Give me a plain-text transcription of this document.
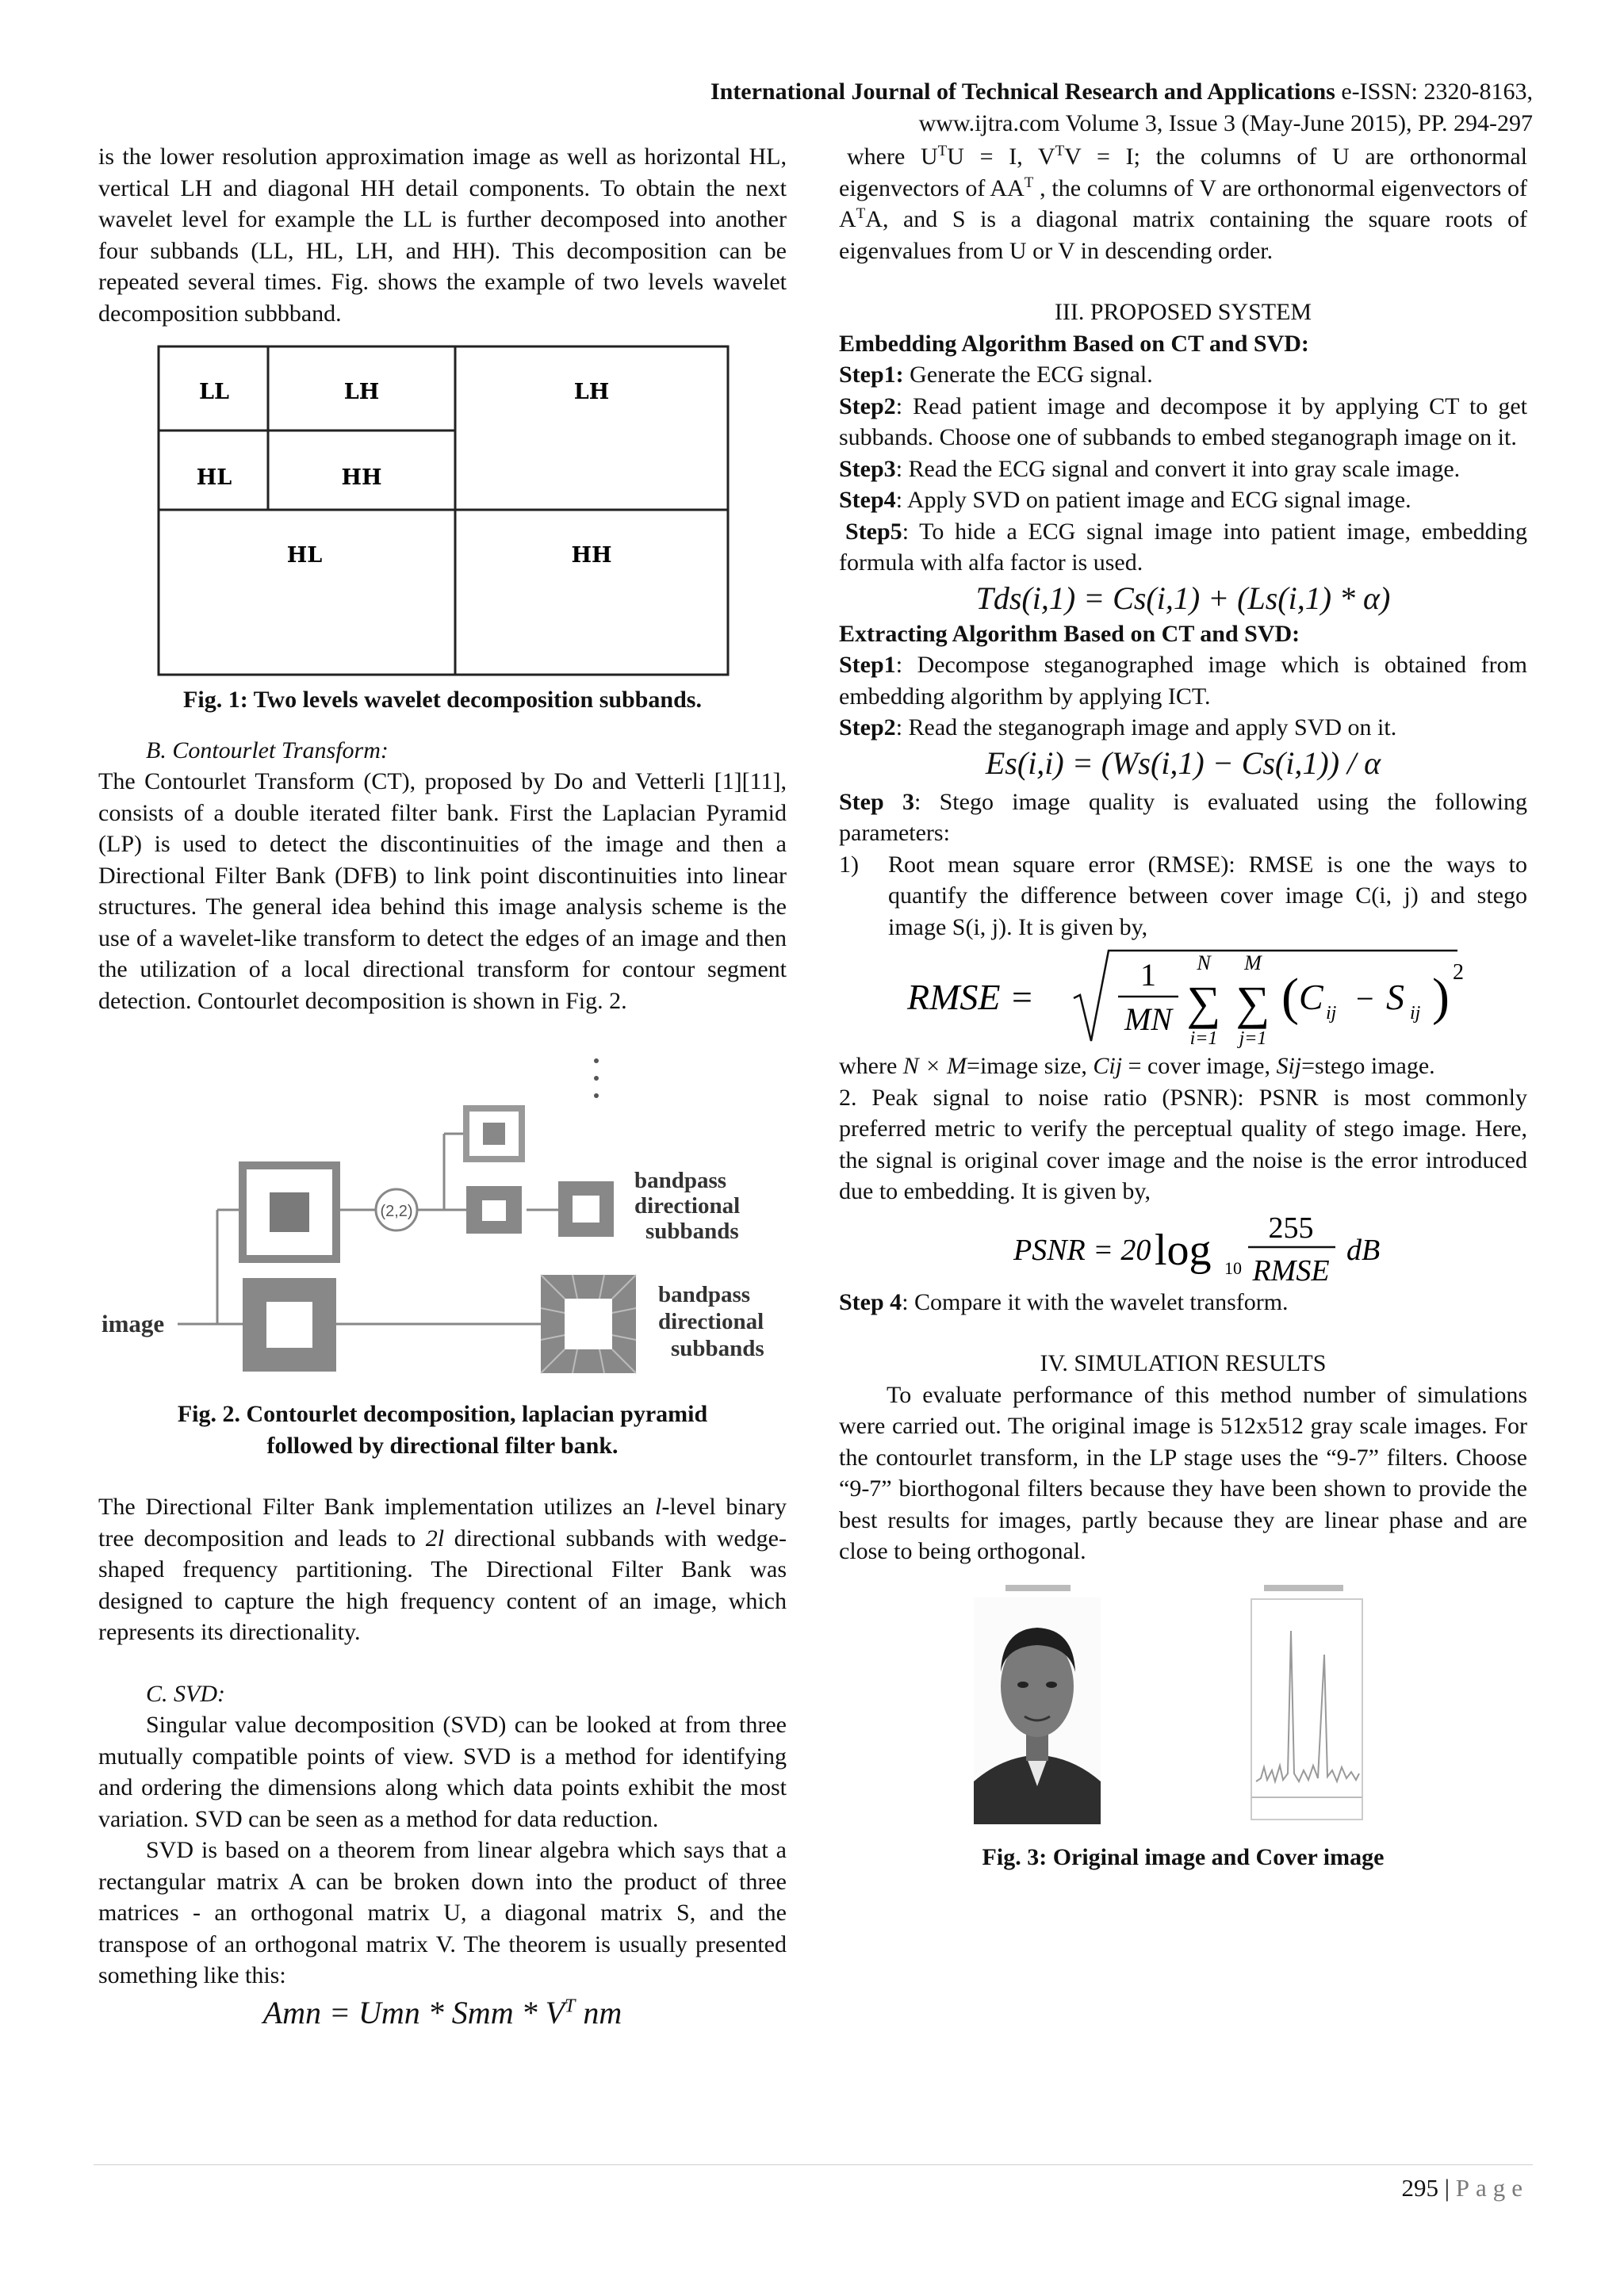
International Journal of Technical Research and Applications e-ISSN: 2320-8163,
www.ijtra.com Volume 3, Issue 3 (May-June 2015), PP. 294-297

is the lower resolution approximation image as well as horizontal HL, vertical LH and diagonal HH detail components. To obtain the next wavelet level for example the LL is further decomposed into another four subbands (LL, HL, LH, and HH). This decomposition can be repeated several times. Fig. shows the example of two levels wavelet decomposition subbband.

LL	LH	LH
HL	HH
HL	HH

Fig. 1: Two levels wavelet decomposition subbands.

B. Contourlet Transform:

The Contourlet Transform (CT), proposed by Do and Vetterli [1][11], consists of a double iterated filter bank. First the Laplacian Pyramid (LP) is used to detect the discontinuities of the image and then a Directional Filter Bank (DFB) to link point discontinuities into linear structures. The general idea behind this image analysis scheme is the use of a wavelet-like transform to detect the edges of an image and then the utilization of a local directional transform for contour segment detection. Contourlet decomposition is shown in Fig. 2.

(2,2)
bandpass
directional
subbands
bandpass
directional
subbands
image

Fig. 2. Contourlet decomposition, laplacian pyramid

followed by directional filter bank.

The Directional Filter Bank implementation utilizes an l-level binary tree decomposition and leads to 2l directional subbands with wedge-shaped frequency partitioning. The Directional Filter Bank was designed to capture the high frequency content of an image, which represents its directionality.

C. SVD:

Singular value decomposition (SVD) can be looked at from three mutually compatible points of view. SVD is a method for identifying and ordering the dimensions along which data points exhibit the most variation. SVD can be seen as a method for data reduction.

SVD is based on a theorem from linear algebra which says that a rectangular matrix A can be broken down into the product of three matrices - an orthogonal matrix U, a diagonal matrix S, and the transpose of an orthogonal matrix V. The theorem is usually presented something like this:

Amn = Umn * Smm * $V^T$ nm

where $U^TU = I$, $V^TV = I$; the columns of U are orthonormal eigenvectors of $AA^T$ , the columns of V are orthonormal eigenvectors of $A^TA$, and S is a diagonal matrix containing the square roots of eigenvalues from U or V in descending order.

III. PROPOSED SYSTEM

Embedding Algorithm Based on CT and SVD:

Step1: Generate the ECG signal.

Step2: Read patient image and decompose it by applying CT to get subbands. Choose one of subbands to embed steganograph image on it.

Step3: Read the ECG signal and convert it into gray scale image.

Step4: Apply SVD on patient image and ECG signal image.

Step5: To hide a ECG signal image into patient image, embedding formula with alfa factor is used.

Tds(i,1) = Cs(i,1) + (Ls(i,1) * α)

Extracting Algorithm Based on CT and SVD:

Step1: Decompose steganographed image which is obtained from embedding algorithm by applying ICT.

Step2: Read the steganograph image and apply SVD on it.

Es(i,i) = (Ws(i,1) − Cs(i,1)) / α

Step 3: Stego image quality is evaluated using the following parameters:

1)	Root mean square error (RMSE): RMSE is one the ways to quantify the difference between cover image C(i, j) and stego image S(i, j). It is given by,

RMSE =
1
MN
N
∑
i=1
M
∑
j=1
( C ij − S ij ) 2

where N × M=image size, Cij = cover image, Sij=stego image.

2. Peak signal to noise ratio (PSNR): PSNR is most commonly preferred metric to verify the perceptual quality of stego image. Here, the signal is original cover image and the noise is the error introduced due to embedding. It is given by,

PSNR = 20 log 10
255
RMSE
dB

Step 4: Compare it with the wavelet transform.

IV. SIMULATION RESULTS

To evaluate performance of this method number of simulations were carried out. The original image is 512x512 gray scale images. For the contourlet transform, in the LP stage uses the “9-7” filters. Choose “9-7” biorthogonal filters because they have been shown to provide the best results for images, partly because they are linear phase and are close to being orthogonal.

Fig. 3: Original image and Cover image

295 | Page
